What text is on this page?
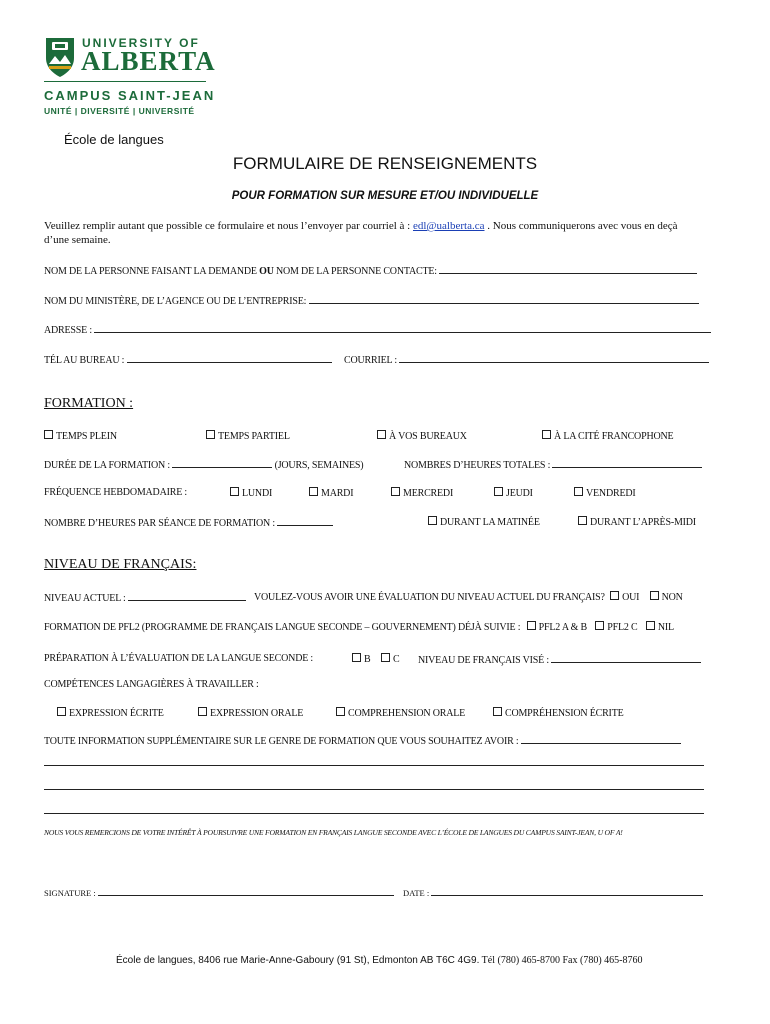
UNIVERSITY OF
ALBERTA
CAMPUS SAINT-JEAN
UNITÉ | DIVERSITÉ | UNIVERSITÉ
École de langues
FORMULAIRE DE RENSEIGNEMENTS
POUR FORMATION SUR MESURE ET/OU INDIVIDUELLE
Veuillez remplir autant que possible ce formulaire et nous l’envoyer par courriel à : edl@ualberta.ca . Nous communiquerons avec vous en deçà
d’une semaine.
NOM DE LA PERSONNE FAISANT LA DEMANDE OU NOM DE LA PERSONNE CONTACTE:
NOM DU MINISTÈRE, DE L’AGENCE OU DE L’ENTREPRISE:
ADRESSE :
TÉL AU BUREAU :	COURRIEL :
FORMATION :
TEMPS PLEIN	TEMPS PARTIEL	À VOS BUREAUX	À LA CITÉ FRANCOPHONE
DURÉE DE LA FORMATION :	(JOURS, SEMAINES)	NOMBRES D’HEURES TOTALES :
FRÉQUENCE HEBDOMADAIRE :	LUNDI	MARDI	MERCREDI	JEUDI	VENDREDI
NOMBRE D’HEURES PAR SÉANCE DE FORMATION :	DURANT LA MATINÉE	DURANT L’APRÈS-MIDI
NIVEAU DE FRANÇAIS:
NIVEAU ACTUEL :	VOULEZ-VOUS AVOIR UNE ÉVALUATION DU NIVEAU ACTUEL DU FRANÇAIS? OUI NON
FORMATION DE PFL2 (PROGRAMME DE FRANÇAIS LANGUE SECONDE – GOUVERNEMENT) DÉJÀ SUIVIE : PFL2 A & B PFL2 C NIL
PRÉPARATION À L’ÉVALUATION DE LA LANGUE SECONDE :	B	C NIVEAU DE FRANÇAIS VISÉ :
COMPÉTENCES LANGAGIÈRES À TRAVAILLER :
EXPRESSION ÉCRITE	EXPRESSION ORALE	COMPREHENSION ORALE	COMPRÉHENSION ÉCRITE
TOUTE INFORMATION SUPPLÉMENTAIRE SUR LE GENRE DE FORMATION QUE VOUS SOUHAITEZ AVOIR :
NOUS VOUS REMERCIONS DE VOTRE INTÉRÊT À POURSUIVRE UNE FORMATION EN FRANÇAIS LANGUE SECONDE AVEC L’ÉCOLE DE LANGUES DU CAMPUS SAINT-JEAN, U OF A!
SIGNATURE :	DATE :
École de langues, 8406 rue Marie-Anne-Gaboury (91 St), Edmonton AB T6C 4G9. Tél (780) 465-8700 Fax (780) 465-8760
